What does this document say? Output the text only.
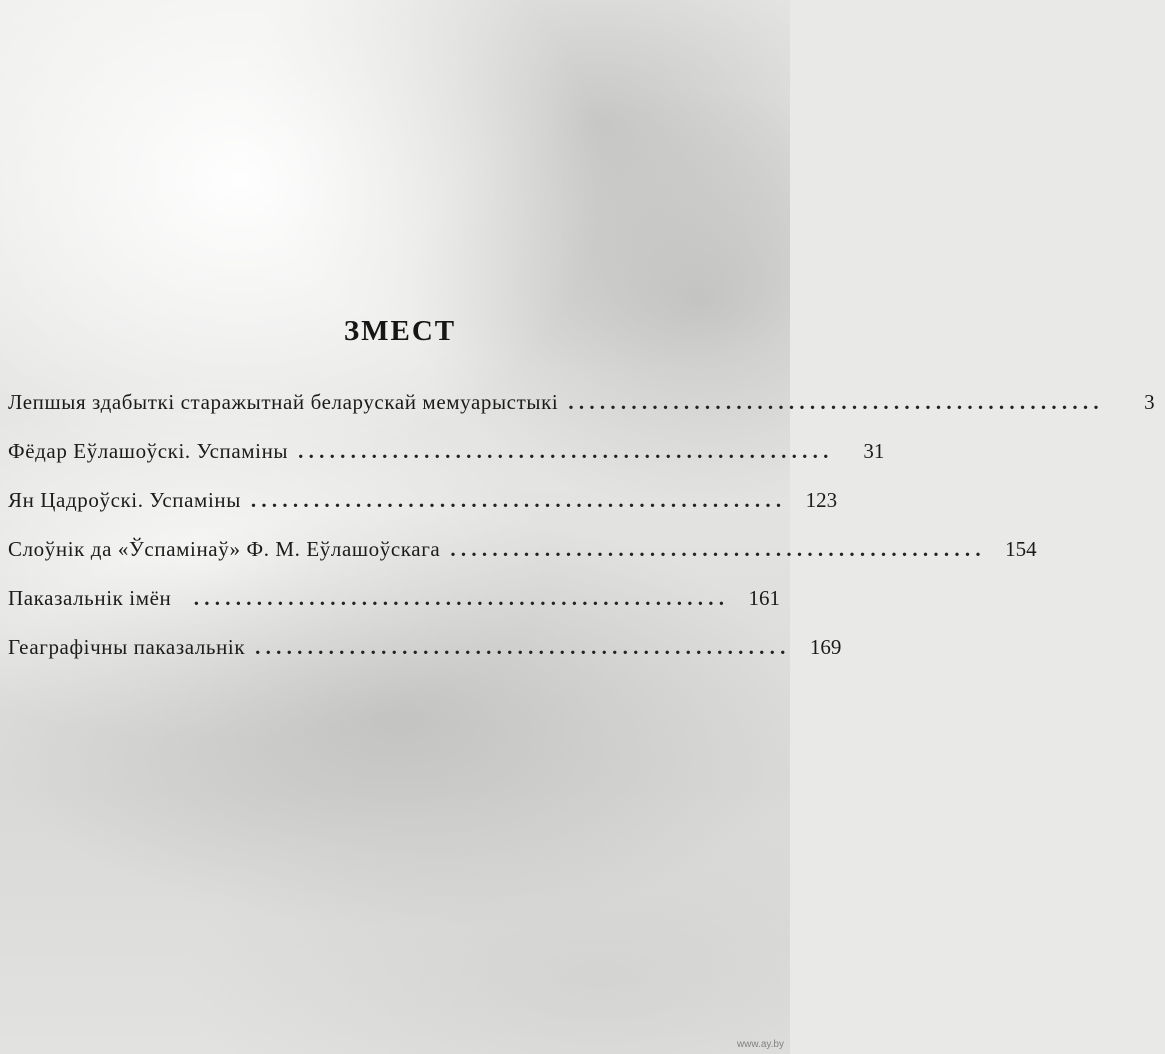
ЗМЕСТ
Лепшыя здабыткі старажытнай беларускай мемуарыстыкі . . . . . . . . . . . . . . . . . . . . . . . . . . . . . . . . . . . . . . . . . . . . . . . . . . .	3
Фёдар Еўлашоўскі. Успаміны . . . . . . . . . . . . . . . . . . . . . . . . . . . . . . . . . . . . . . . . . . . . . . . . . . .	31
Ян Цадроўскі. Успаміны . . . . . . . . . . . . . . . . . . . . . . . . . . . . . . . . . . . . . . . . . . . . . . . . . . .	123
Слоўнік да «Ўспамінаў» Ф. М. Еўлашоўскага . . . . . . . . . . . . . . . . . . . . . . . . . . . . . . . . . . . . . . . . . . . . . . . . . . .	154
Паказальнік імён	. . . . . . . . . . . . . . . . . . . . . . . . . . . . . . . . . . . . . . . . . . . . . . . . . . .	161
Геаграфічны паказальнік . . . . . . . . . . . . . . . . . . . . . . . . . . . . . . . . . . . . . . . . . . . . . . . . . . .	169
www.ay.by
